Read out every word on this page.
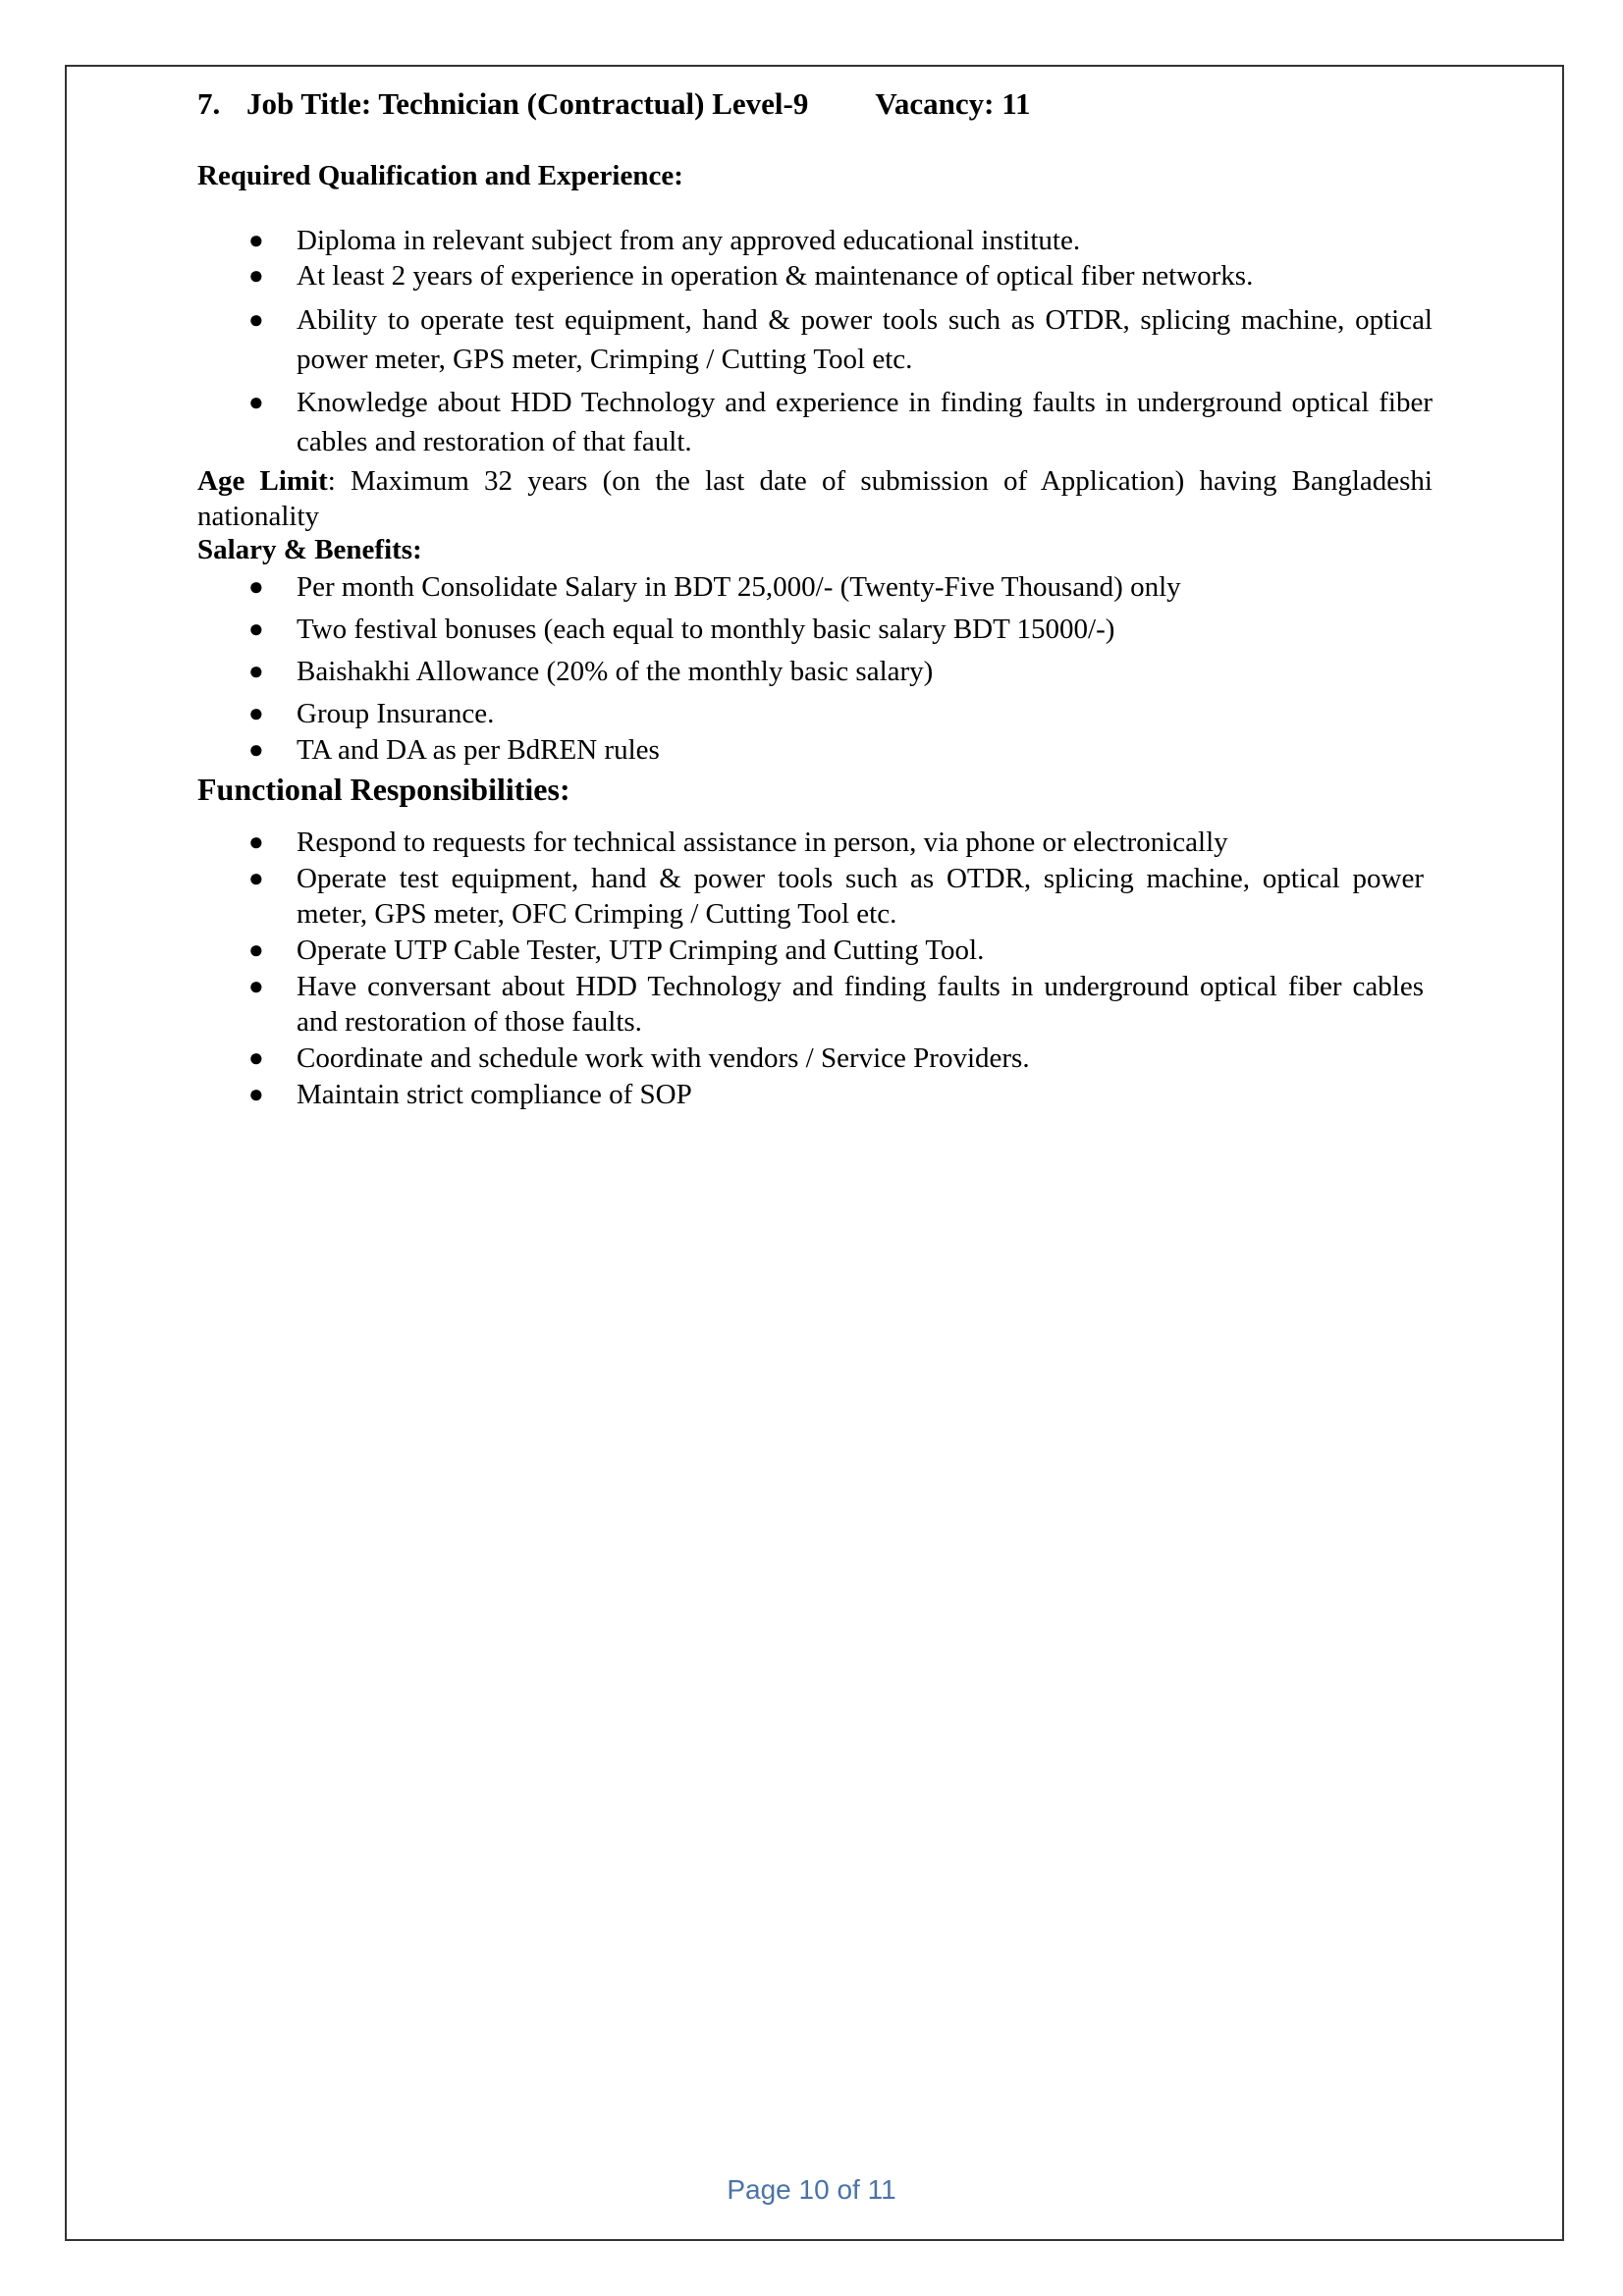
7. Job Title: Technician (Contractual) Level-9 Vacancy: 11
Required Qualification and Experience:
● Diploma in relevant subject from any approved educational institute.
● At least 2 years of experience in operation & maintenance of optical fiber networks.
● Ability to operate test equipment, hand & power tools such as OTDR, splicing machine, optical power meter, GPS meter, Crimping / Cutting Tool etc.
● Knowledge about HDD Technology and experience in finding faults in underground optical fiber cables and restoration of that fault.
Age Limit: Maximum 32 years (on the last date of submission of Application) having Bangladeshi nationality
Salary & Benefits:
● Per month Consolidate Salary in BDT 25,000/- (Twenty-Five Thousand) only
● Two festival bonuses (each equal to monthly basic salary BDT 15000/-)
● Baishakhi Allowance (20% of the monthly basic salary)
● Group Insurance.
● TA and DA as per BdREN rules
Functional Responsibilities:
● Respond to requests for technical assistance in person, via phone or electronically
● Operate test equipment, hand & power tools such as OTDR, splicing machine, optical power meter, GPS meter, OFC Crimping / Cutting Tool etc.
● Operate UTP Cable Tester, UTP Crimping and Cutting Tool.
● Have conversant about HDD Technology and finding faults in underground optical fiber cables and restoration of those faults.
● Coordinate and schedule work with vendors / Service Providers.
● Maintain strict compliance of SOP
Page 10 of 11
